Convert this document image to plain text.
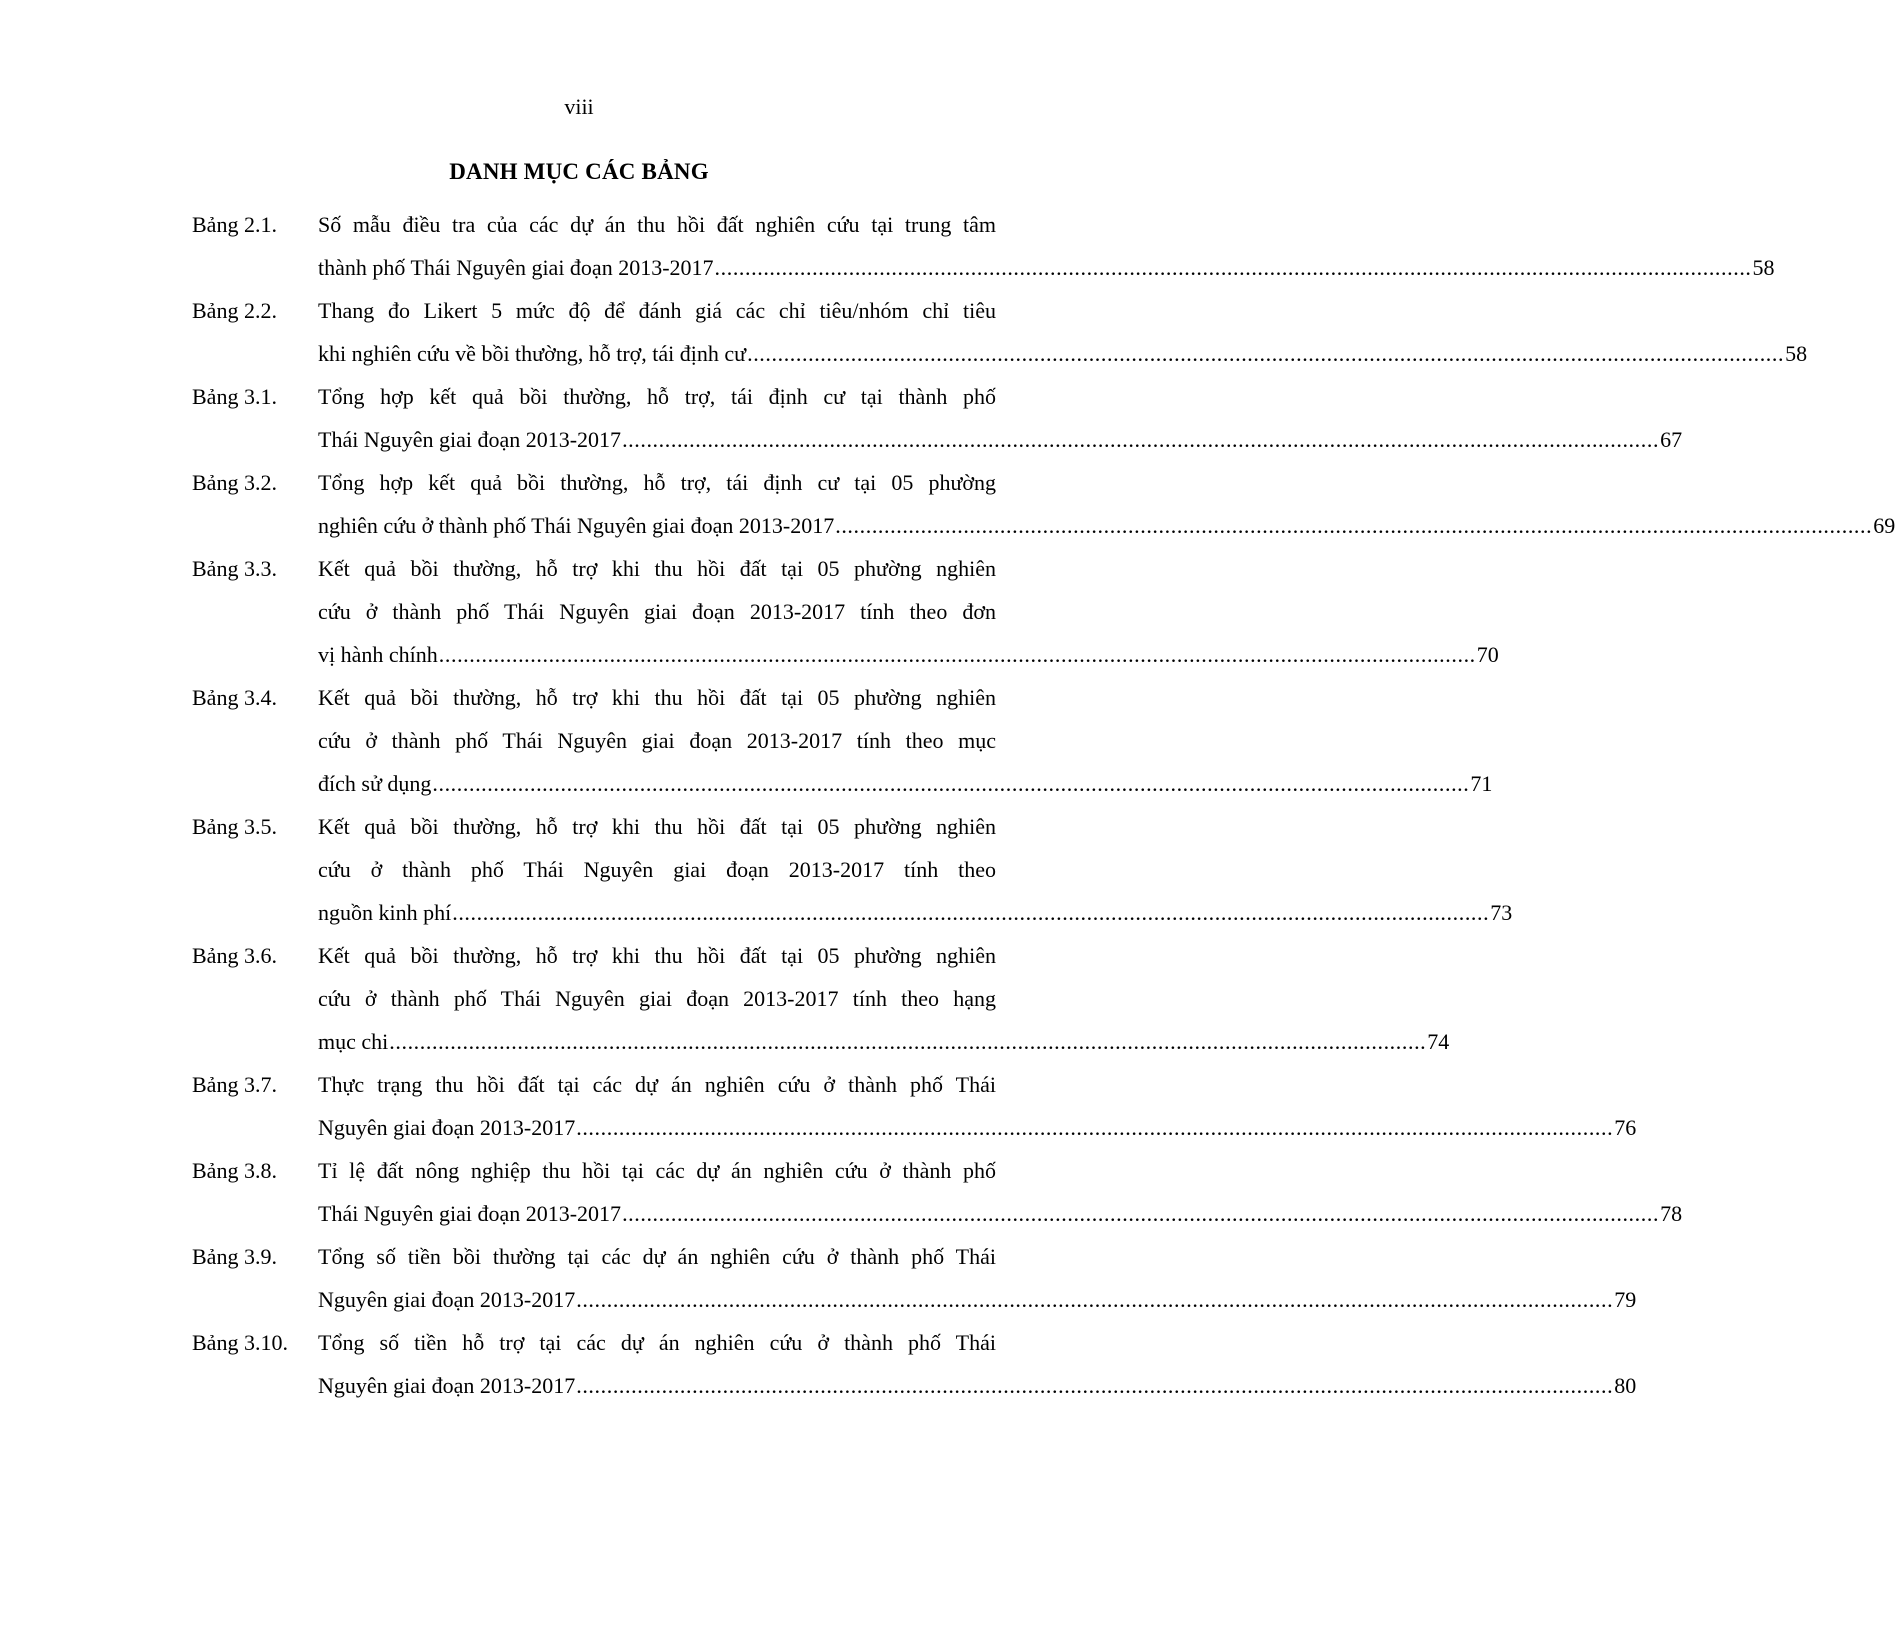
viii
DANH MỤC CÁC BẢNG
Bảng 2.1. Số mẫu điều tra của các dự án thu hồi đất nghiên cứu tại trung tâm
thành phố Thái Nguyên giai đoạn 2013-2017 .......................................................................................................................................................................... 58
Bảng 2.2. Thang đo Likert 5 mức độ để đánh giá các chỉ tiêu/nhóm chỉ tiêu
khi nghiên cứu về bồi thường, hỗ trợ, tái định cư .......................................................................................................................................................................... 58
Bảng 3.1. Tổng hợp kết quả bồi thường, hỗ trợ, tái định cư tại thành phố
Thái Nguyên giai đoạn 2013-2017 .......................................................................................................................................................................... 67
Bảng 3.2. Tổng hợp kết quả bồi thường, hỗ trợ, tái định cư tại 05 phường
nghiên cứu ở thành phố Thái Nguyên giai đoạn 2013-2017 .......................................................................................................................................................................... 69
Bảng 3.3. Kết quả bồi thường, hỗ trợ khi thu hồi đất tại 05 phường nghiên
cứu ở thành phố Thái Nguyên giai đoạn 2013-2017 tính theo đơn
vị hành chính .......................................................................................................................................................................... 70
Bảng 3.4. Kết quả bồi thường, hỗ trợ khi thu hồi đất tại 05 phường nghiên
cứu ở thành phố Thái Nguyên giai đoạn 2013-2017 tính theo mục
đích sử dụng .......................................................................................................................................................................... 71
Bảng 3.5. Kết quả bồi thường, hỗ trợ khi thu hồi đất tại 05 phường nghiên
cứu ở thành phố Thái Nguyên giai đoạn 2013-2017 tính theo
nguồn kinh phí .......................................................................................................................................................................... 73
Bảng 3.6. Kết quả bồi thường, hỗ trợ khi thu hồi đất tại 05 phường nghiên
cứu ở thành phố Thái Nguyên giai đoạn 2013-2017 tính theo hạng
mục chi .......................................................................................................................................................................... 74
Bảng 3.7. Thực trạng thu hồi đất tại các dự án nghiên cứu ở thành phố Thái
Nguyên giai đoạn 2013-2017 .......................................................................................................................................................................... 76
Bảng 3.8. Tỉ lệ đất nông nghiệp thu hồi tại các dự án nghiên cứu ở thành phố
Thái Nguyên giai đoạn 2013-2017 .......................................................................................................................................................................... 78
Bảng 3.9. Tổng số tiền bồi thường tại các dự án nghiên cứu ở thành phố Thái
Nguyên giai đoạn 2013-2017 .......................................................................................................................................................................... 79
Bảng 3.10. Tổng số tiền hỗ trợ tại các dự án nghiên cứu ở thành phố Thái
Nguyên giai đoạn 2013-2017 .......................................................................................................................................................................... 80
